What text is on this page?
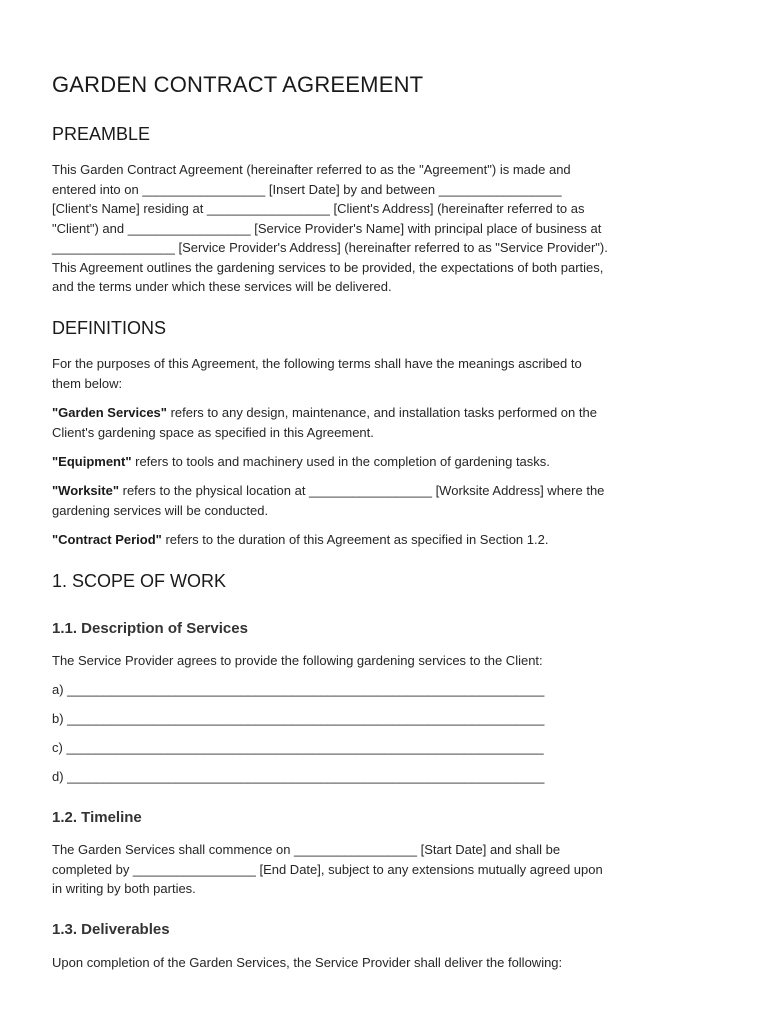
GARDEN CONTRACT AGREEMENT
PREAMBLE
This Garden Contract Agreement (hereinafter referred to as the "Agreement") is made and
entered into on _________________ [Insert Date] by and between _________________
[Client's Name] residing at _________________ [Client's Address] (hereinafter referred to as
"Client") and _________________ [Service Provider's Name] with principal place of business at
_________________ [Service Provider's Address] (hereinafter referred to as "Service Provider").
This Agreement outlines the gardening services to be provided, the expectations of both parties,
and the terms under which these services will be delivered.
DEFINITIONS
For the purposes of this Agreement, the following terms shall have the meanings ascribed to
them below:
"Garden Services" refers to any design, maintenance, and installation tasks performed on the
Client's gardening space as specified in this Agreement.
"Equipment" refers to tools and machinery used in the completion of gardening tasks.
"Worksite" refers to the physical location at _________________ [Worksite Address] where the
gardening services will be conducted.
"Contract Period" refers to the duration of this Agreement as specified in Section 1.2.
1. SCOPE OF WORK
1.1. Description of Services
The Service Provider agrees to provide the following gardening services to the Client:
a) __________________________________________________________________
b) __________________________________________________________________
c) __________________________________________________________________
d) __________________________________________________________________
1.2. Timeline
The Garden Services shall commence on _________________ [Start Date] and shall be
completed by _________________ [End Date], subject to any extensions mutually agreed upon
in writing by both parties.
1.3. Deliverables
Upon completion of the Garden Services, the Service Provider shall deliver the following:
